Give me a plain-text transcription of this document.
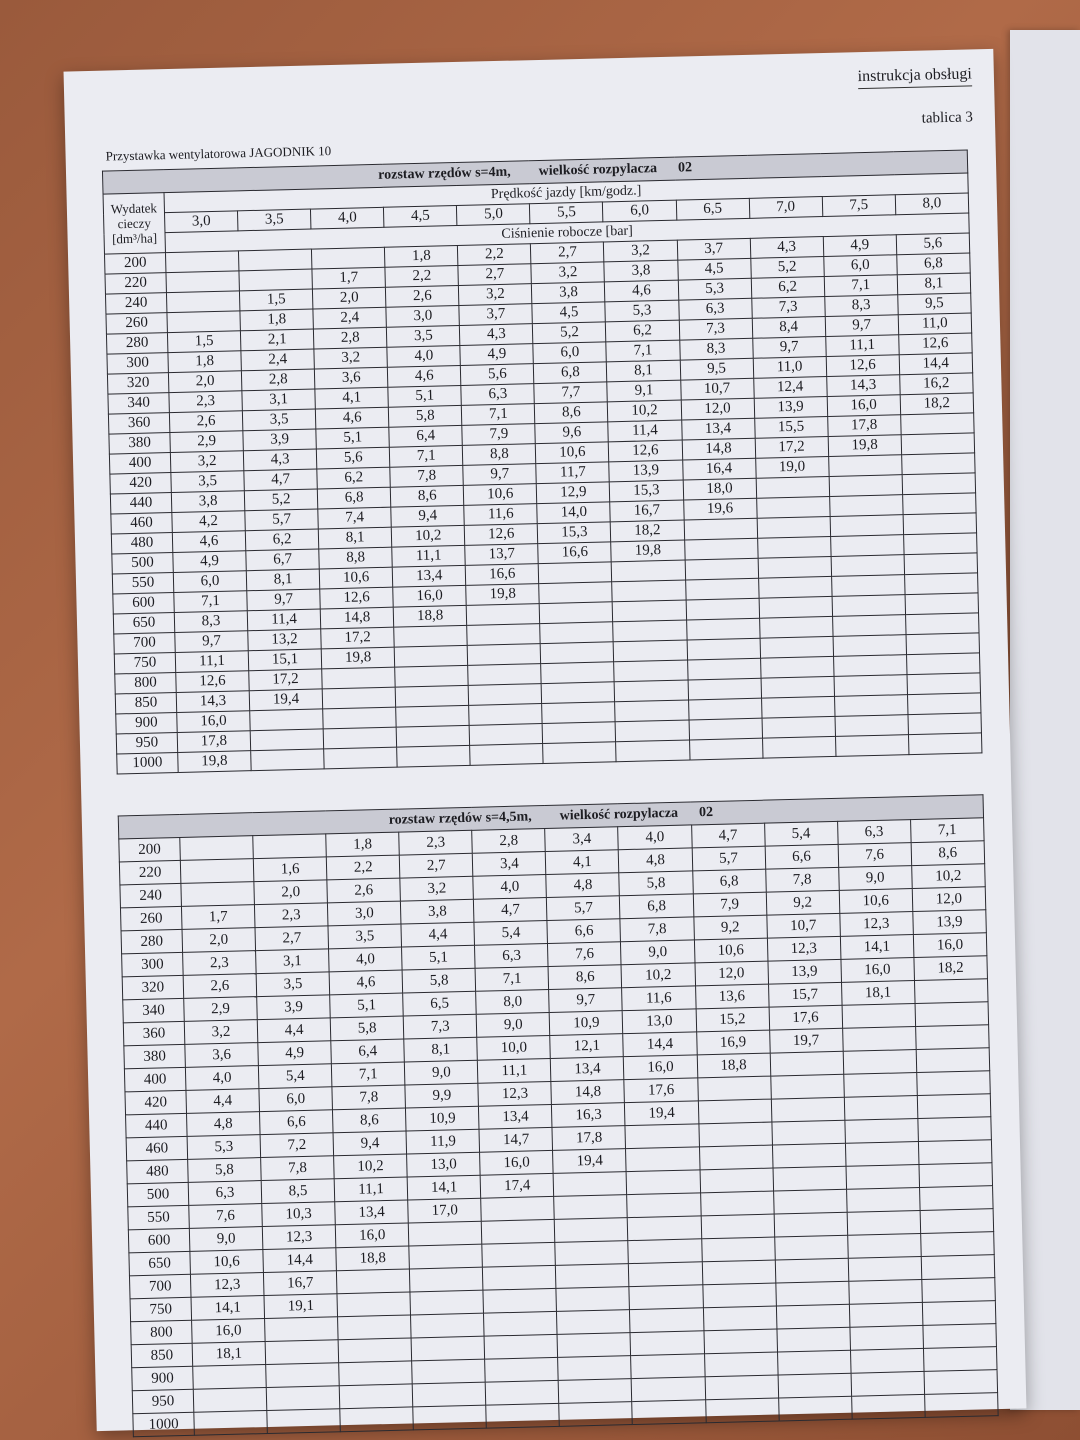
instrukcja obsługi
tablica 3
Przystawka wentylatorowa JAGODNIK 10
rozstaw rzędów s=4m, wielkość rozpylacza 02											
Wydatek
cieczy
[dm³/ha]	Prędkość jazdy [km/godz.]										
	3,0	3,5	4,0	4,5	5,0	5,5	6,0	6,5	7,0	7,5	8,0
	Ciśnienie robocze [bar]										
200				1,8	2,2	2,7	3,2	3,7	4,3	4,9	5,6
220			1,7	2,2	2,7	3,2	3,8	4,5	5,2	6,0	6,8
240		1,5	2,0	2,6	3,2	3,8	4,6	5,3	6,2	7,1	8,1
260		1,8	2,4	3,0	3,7	4,5	5,3	6,3	7,3	8,3	9,5
280	1,5	2,1	2,8	3,5	4,3	5,2	6,2	7,3	8,4	9,7	11,0
300	1,8	2,4	3,2	4,0	4,9	6,0	7,1	8,3	9,7	11,1	12,6
320	2,0	2,8	3,6	4,6	5,6	6,8	8,1	9,5	11,0	12,6	14,4
340	2,3	3,1	4,1	5,1	6,3	7,7	9,1	10,7	12,4	14,3	16,2
360	2,6	3,5	4,6	5,8	7,1	8,6	10,2	12,0	13,9	16,0	18,2
380	2,9	3,9	5,1	6,4	7,9	9,6	11,4	13,4	15,5	17,8	
400	3,2	4,3	5,6	7,1	8,8	10,6	12,6	14,8	17,2	19,8	
420	3,5	4,7	6,2	7,8	9,7	11,7	13,9	16,4	19,0		
440	3,8	5,2	6,8	8,6	10,6	12,9	15,3	18,0			
460	4,2	5,7	7,4	9,4	11,6	14,0	16,7	19,6			
480	4,6	6,2	8,1	10,2	12,6	15,3	18,2				
500	4,9	6,7	8,8	11,1	13,7	16,6	19,8				
550	6,0	8,1	10,6	13,4	16,6						
600	7,1	9,7	12,6	16,0	19,8						
650	8,3	11,4	14,8	18,8							
700	9,7	13,2	17,2								
750	11,1	15,1	19,8								
800	12,6	17,2									
850	14,3	19,4									
900	16,0										
950	17,8										
1000	19,8										
rozstaw rzędów s=4,5m, wielkość rozpylacza 02											
200			1,8	2,3	2,8	3,4	4,0	4,7	5,4	6,3	7,1
220		1,6	2,2	2,7	3,4	4,1	4,8	5,7	6,6	7,6	8,6
240		2,0	2,6	3,2	4,0	4,8	5,8	6,8	7,8	9,0	10,2
260	1,7	2,3	3,0	3,8	4,7	5,7	6,8	7,9	9,2	10,6	12,0
280	2,0	2,7	3,5	4,4	5,4	6,6	7,8	9,2	10,7	12,3	13,9
300	2,3	3,1	4,0	5,1	6,3	7,6	9,0	10,6	12,3	14,1	16,0
320	2,6	3,5	4,6	5,8	7,1	8,6	10,2	12,0	13,9	16,0	18,2
340	2,9	3,9	5,1	6,5	8,0	9,7	11,6	13,6	15,7	18,1	
360	3,2	4,4	5,8	7,3	9,0	10,9	13,0	15,2	17,6		
380	3,6	4,9	6,4	8,1	10,0	12,1	14,4	16,9	19,7		
400	4,0	5,4	7,1	9,0	11,1	13,4	16,0	18,8			
420	4,4	6,0	7,8	9,9	12,3	14,8	17,6				
440	4,8	6,6	8,6	10,9	13,4	16,3	19,4				
460	5,3	7,2	9,4	11,9	14,7	17,8					
480	5,8	7,8	10,2	13,0	16,0	19,4					
500	6,3	8,5	11,1	14,1	17,4						
550	7,6	10,3	13,4	17,0							
600	9,0	12,3	16,0								
650	10,6	14,4	18,8								
700	12,3	16,7									
750	14,1	19,1									
800	16,0										
850	18,1										
900											
950											
1000											
